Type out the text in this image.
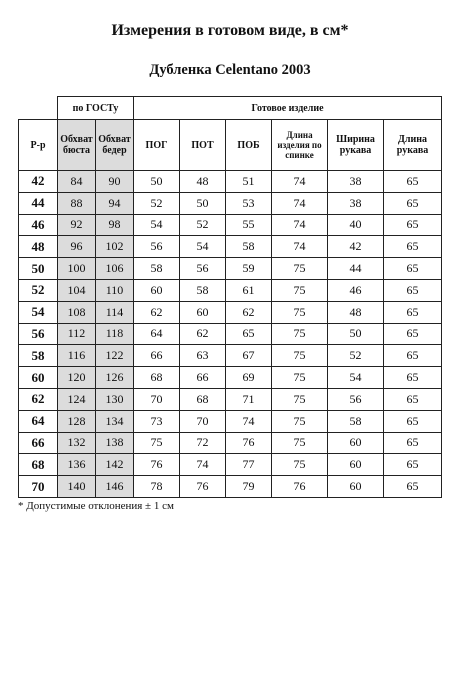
Измерения в готовом виде, в см*
Дубленка Celentano 2003
	по ГОСТу		Готовое изделие					
Р-р	Обхват бюста	Обхват бедер	ПОГ	ПОТ	ПОБ	Длина изделия по спинке	Ширина рукава	Длина рукава
42	84	90	50	48	51	74	38	65
44	88	94	52	50	53	74	38	65
46	92	98	54	52	55	74	40	65
48	96	102	56	54	58	74	42	65
50	100	106	58	56	59	75	44	65
52	104	110	60	58	61	75	46	65
54	108	114	62	60	62	75	48	65
56	112	118	64	62	65	75	50	65
58	116	122	66	63	67	75	52	65
60	120	126	68	66	69	75	54	65
62	124	130	70	68	71	75	56	65
64	128	134	73	70	74	75	58	65
66	132	138	75	72	76	75	60	65
68	136	142	76	74	77	75	60	65
70	140	146	78	76	79	76	60	65
* Допустимые отклонения ± 1 см
